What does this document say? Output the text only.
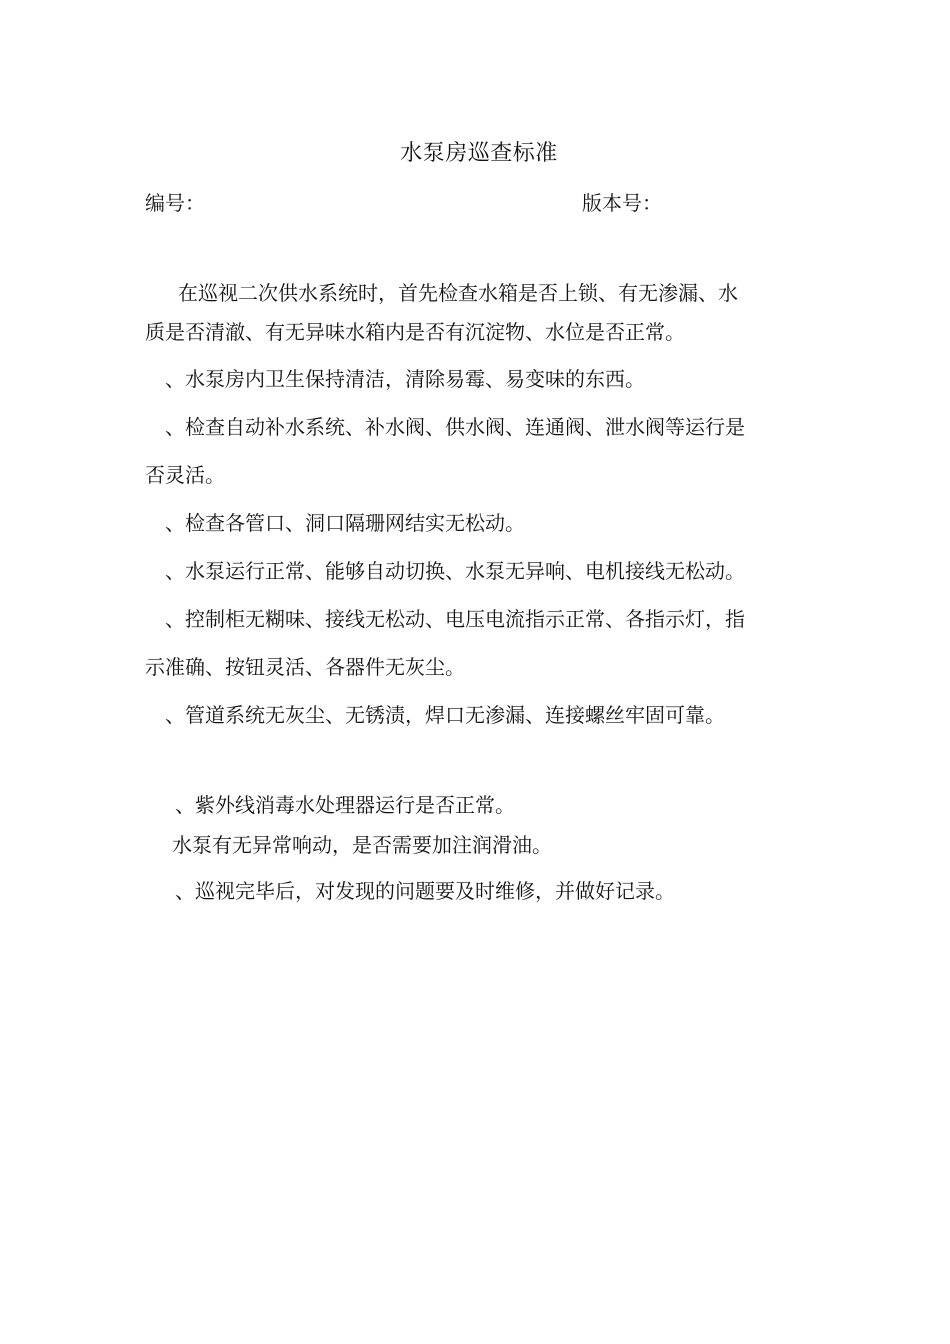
水泵房巡查标准
编号：	版本号：
在巡视二次供水系统时，首先检查水箱是否上锁、有无渗漏、水
质是否清澈、有无异味水箱内是否有沉淀物、水位是否正常。
、水泵房内卫生保持清洁，清除易霉、易变味的东西。
、检查自动补水系统、补水阀、供水阀、连通阀、泄水阀等运行是
否灵活。
、检查各管口、洞口隔珊网结实无松动。
、水泵运行正常、能够自动切换、水泵无异响、电机接线无松动。
、控制柜无糊味、接线无松动、电压电流指示正常、各指示灯，指
示准确、按钮灵活、各器件无灰尘。
、管道系统无灰尘、无锈渍，焊口无渗漏、连接螺丝牢固可靠。
、紫外线消毒水处理器运行是否正常。
水泵有无异常响动，是否需要加注润滑油。
、巡视完毕后，对发现的问题要及时维修，并做好记录。
